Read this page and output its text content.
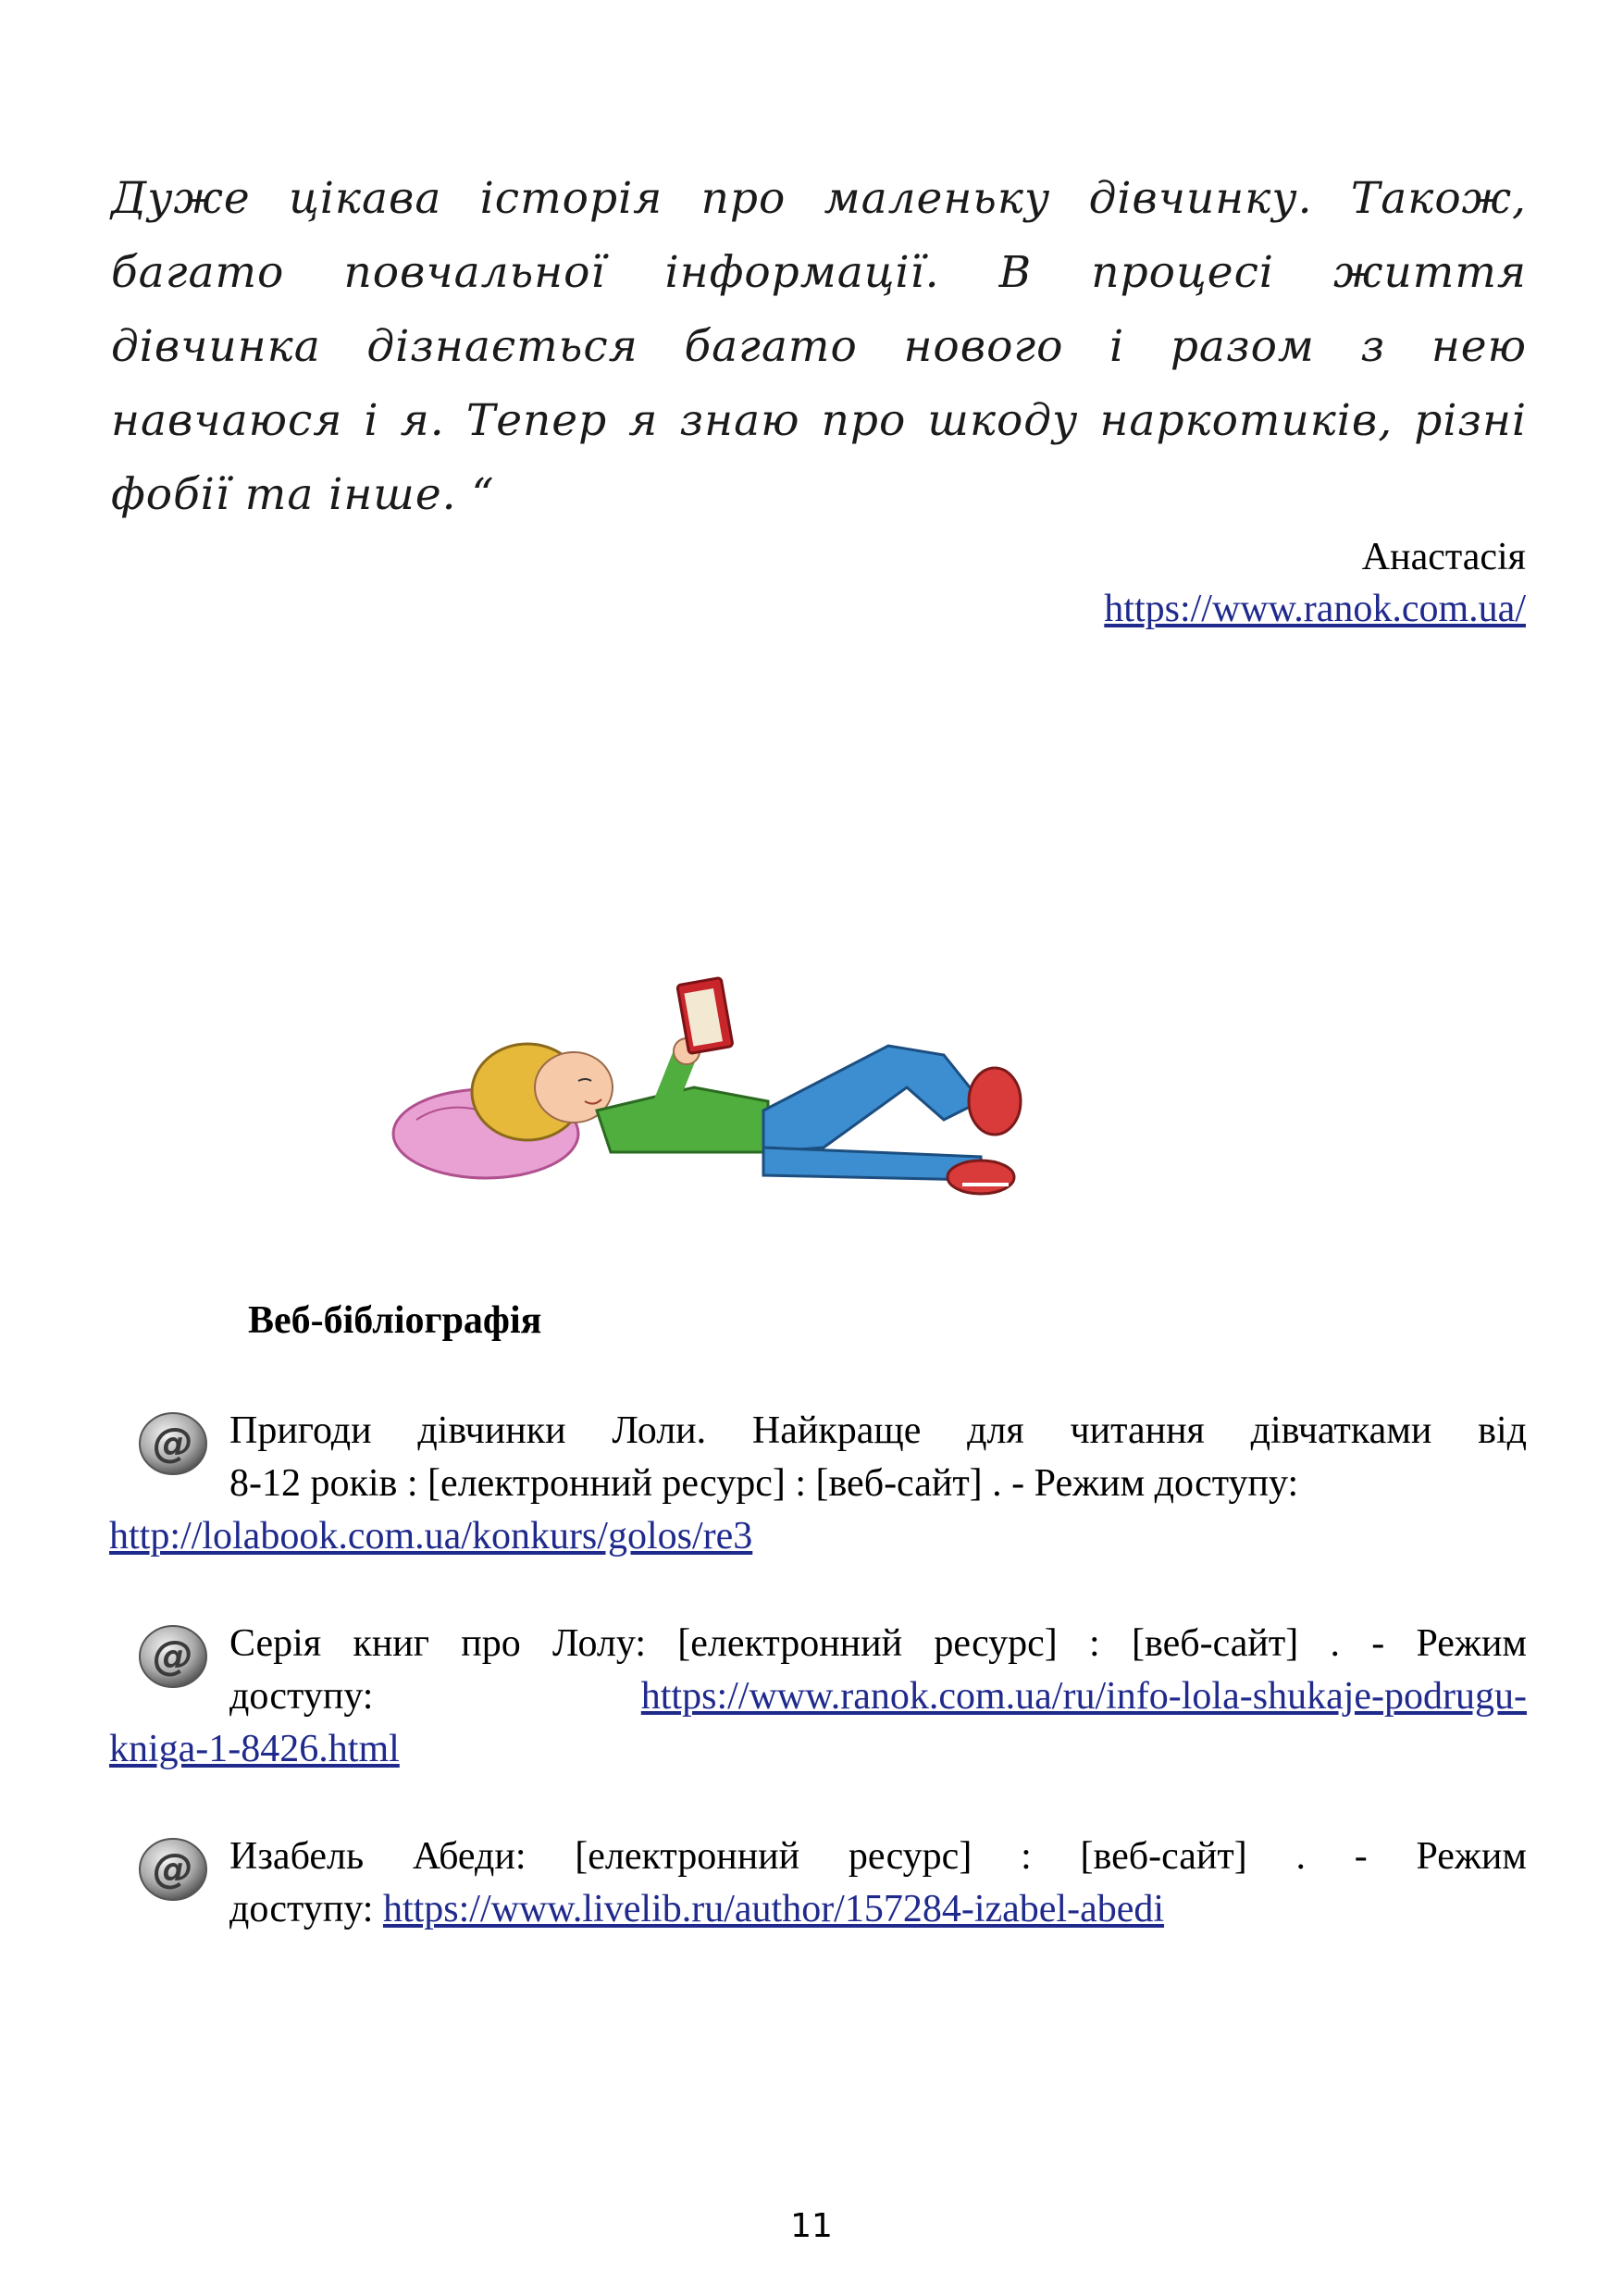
Дуже цікава історія про маленьку дівчинку. Також, багато повчальної інформації. В процесі життя дівчинка дізнається багато нового і разом з нею навчаюся і я. Тепер я знаю про шкоду наркотиків, різні фобії та інше. “
Анастасія
https://www.ranok.com.ua/
Веб-бібліографія
@ Пригоди дівчинки Лоли. Найкраще для читання дівчатками від
8-12 років : [електронний ресурс] : [веб-сайт] . - Режим доступу:
http://lolabook.com.ua/konkurs/golos/re3
@ Серія книг про Лолу: [електронний ресурс] : [веб-сайт] . - Режим
доступу:	https://www.ranok.com.ua/ru/info-lola-shukaje-podrugu-
kniga-1-8426.html
@ Изабель Абеди: [електронний ресурс] : [веб-сайт] . - Режим
доступу: https://www.livelib.ru/author/157284-izabel-abedi
11
